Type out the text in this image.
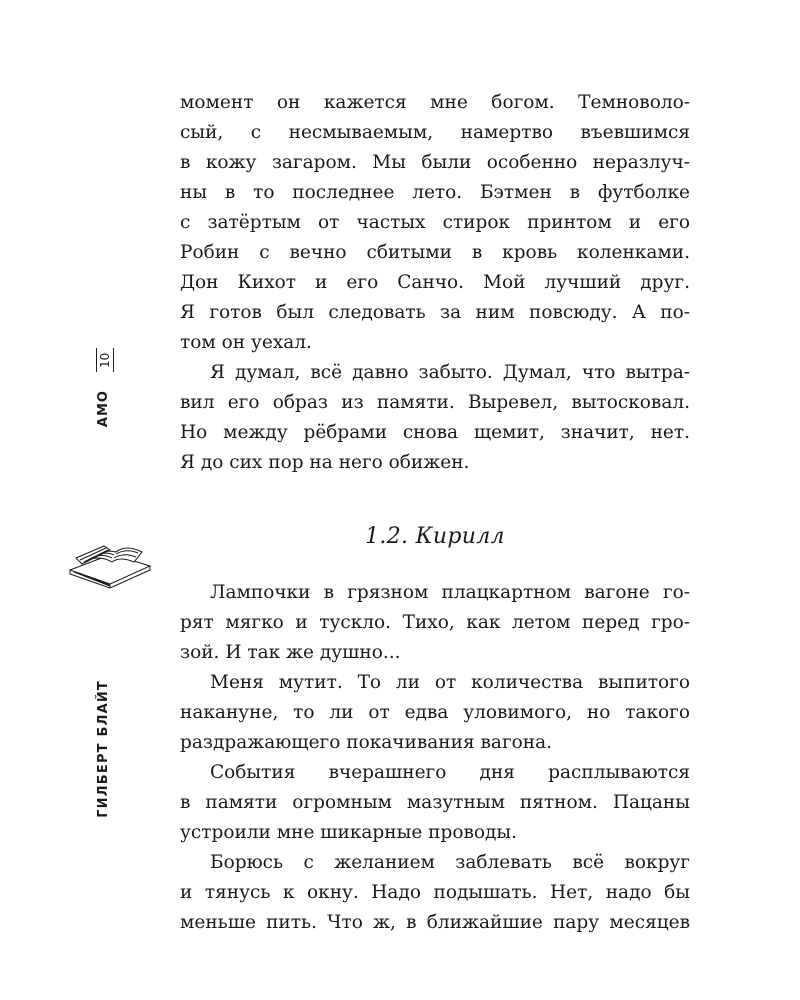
10
АМО
ГИЛБЕРТ БЛАЙТ

момент он кажется мне богом. Темноволо-
сый, с несмываемым, намертво въевшимся
в кожу загаром. Мы были особенно неразлуч-
ны в то последнее лето. Бэтмен в футболке
с затёртым от частых стирок принтом и его
Робин с вечно сбитыми в кровь коленками.
Дон Кихот и его Санчо. Мой лучший друг.
Я готов был следовать за ним повсюду. А по-
том он уехал.

Я думал, всё давно забыто. Думал, что вытра-
вил его образ из памяти. Выревел, вытосковал.
Но между рёбрами снова щемит, значит, нет.
Я до сих пор на него обижен.

1.2. Кирилл

Лампочки в грязном плацкартном вагоне го-
рят мягко и тускло. Тихо, как летом перед гро-
зой. И так же душно...

Меня мутит. То ли от количества выпитого
накануне, то ли от едва уловимого, но такого
раздражающего покачивания вагона.

События вчерашнего дня расплываются
в памяти огромным мазутным пятном. Пацаны
устроили мне шикарные проводы.

Борюсь с желанием заблевать всё вокруг
и тянусь к окну. Надо подышать. Нет, надо бы
меньше пить. Что ж, в ближайшие пару месяцев
